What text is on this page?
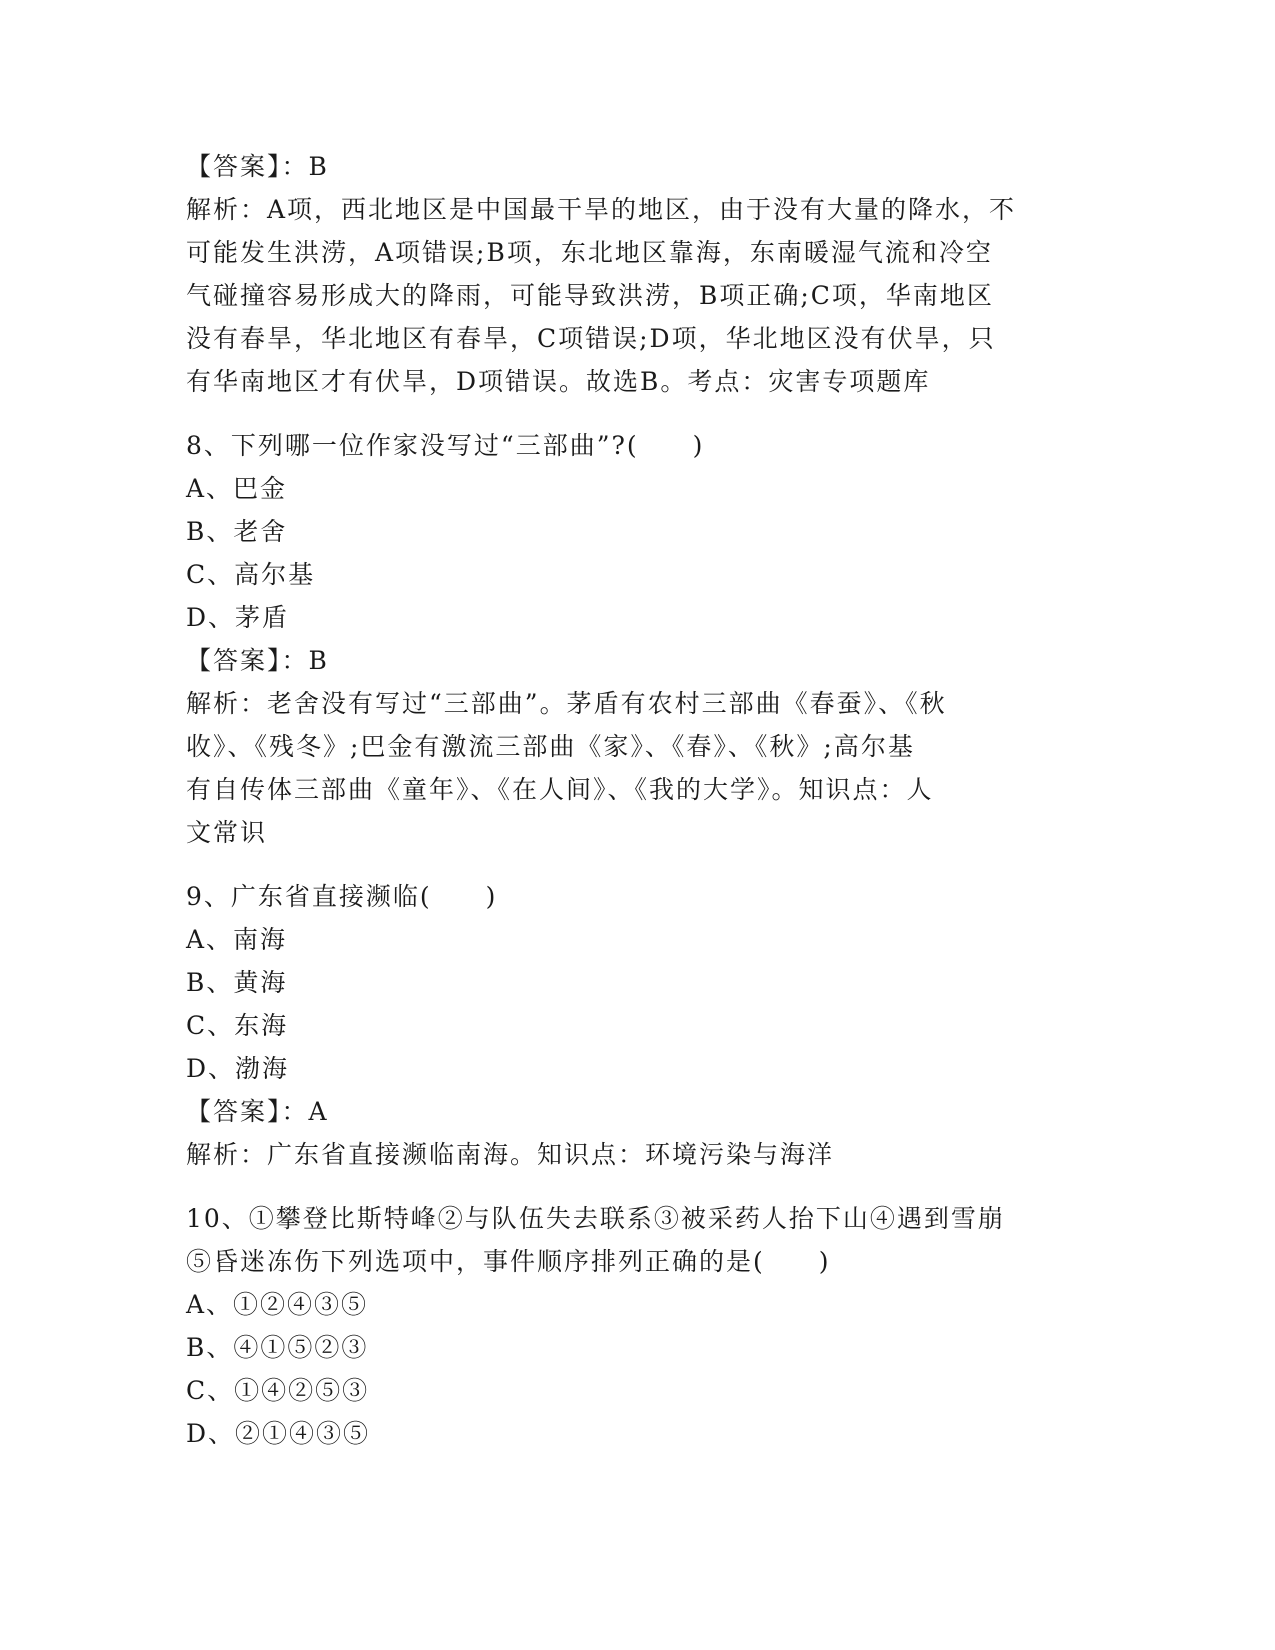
【答案】：B
解析：A项，西北地区是中国最干旱的地区，由于没有大量的降水，不
可能发生洪涝，A项错误;B项，东北地区靠海，东南暖湿气流和冷空
气碰撞容易形成大的降雨，可能导致洪涝，B项正确;C项，华南地区
没有春旱，华北地区有春旱，C项错误;D项，华北地区没有伏旱，只
有华南地区才有伏旱，D项错误。故选B。考点：灾害专项题库
8、下列哪一位作家没写过“三部曲”?(　　)
A、巴金
B、老舍
C、高尔基
D、茅盾
【答案】：B
解析：老舍没有写过“三部曲”。茅盾有农村三部曲《春蚕》、《秋
收》、《残冬》;巴金有激流三部曲《家》、《春》、《秋》;高尔基
有自传体三部曲《童年》、《在人间》、《我的大学》。知识点：人
文常识
9、广东省直接濒临(　　)
A、南海
B、黄海
C、东海
D、渤海
【答案】：A
解析：广东省直接濒临南海。知识点：环境污染与海洋
10、①攀登比斯特峰②与队伍失去联系③被采药人抬下山④遇到雪崩
⑤昏迷冻伤下列选项中，事件顺序排列正确的是(　　)
A、①②④③⑤
B、④①⑤②③
C、①④②⑤③
D、②①④③⑤
